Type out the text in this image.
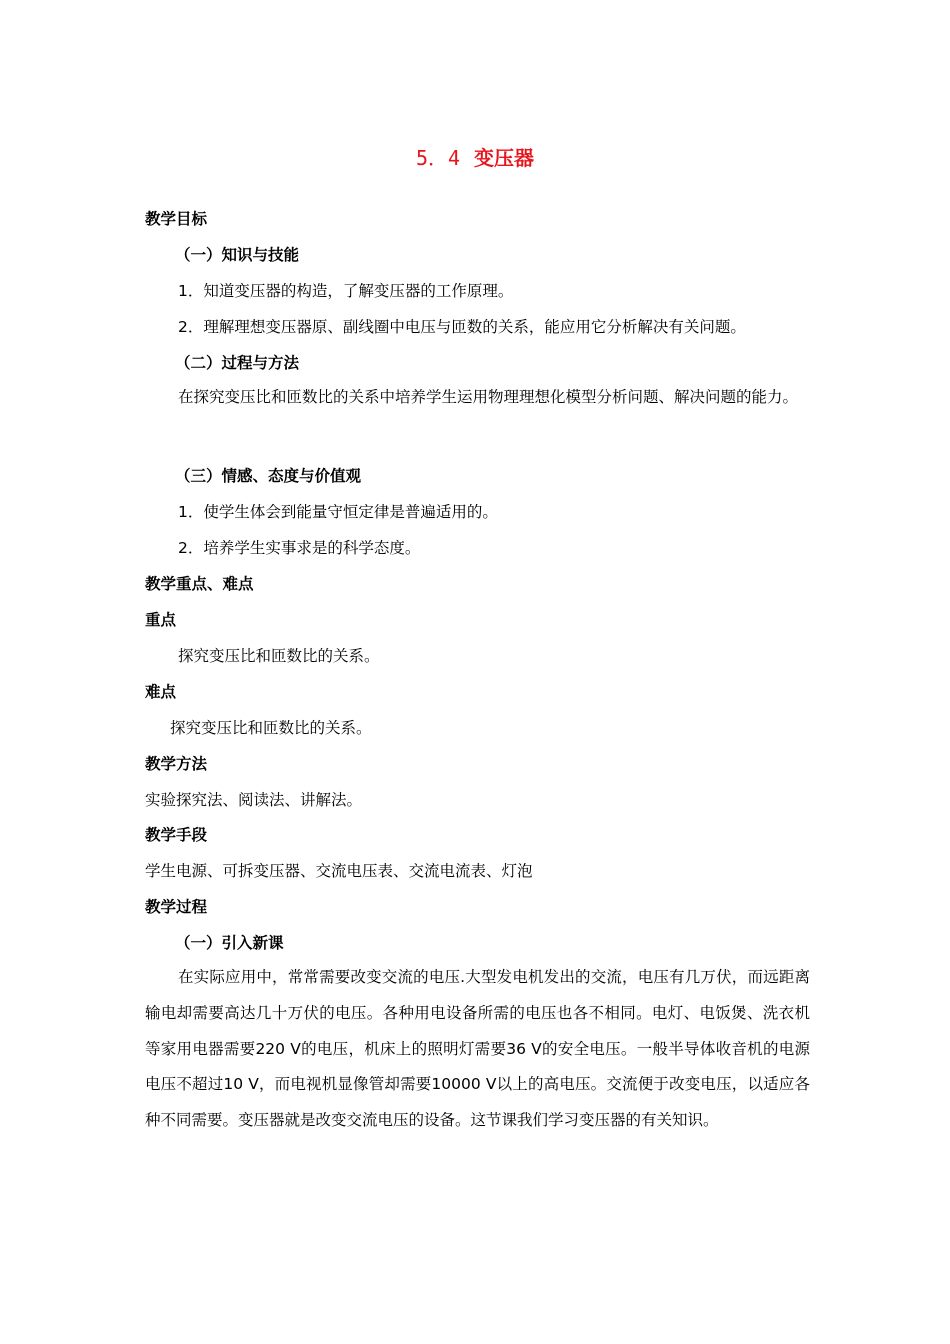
5．4 变压器
教学目标
（一）知识与技能
1．知道变压器的构造，了解变压器的工作原理。
2．理解理想变压器原、副线圈中电压与匝数的关系，能应用它分析解决有关问题。
（二）过程与方法
在探究变压比和匝数比的关系中培养学生运用物理理想化模型分析问题、解决问题的能力。
（三）情感、态度与价值观
1．使学生体会到能量守恒定律是普遍适用的。
2．培养学生实事求是的科学态度。
教学重点、难点
重点
探究变压比和匝数比的关系。
难点
探究变压比和匝数比的关系。
教学方法
实验探究法、阅读法、讲解法。
教学手段
学生电源、可拆变压器、交流电压表、交流电流表、灯泡
教学过程
（一）引入新课
在实际应用中，常常需要改变交流的电压.大型发电机发出的交流，电压有几万伏，而远距离输电却需要高达几十万伏的电压。各种用电设备所需的电压也各不相同。电灯、电饭煲、洗衣机等家用电器需要220 V的电压，机床上的照明灯需要36 V的安全电压。一般半导体收音机的电源电压不超过10 V，而电视机显像管却需要10000 V以上的高电压。交流便于改变电压，以适应各种不同需要。变压器就是改变交流电压的设备。这节课我们学习变压器的有关知识。
